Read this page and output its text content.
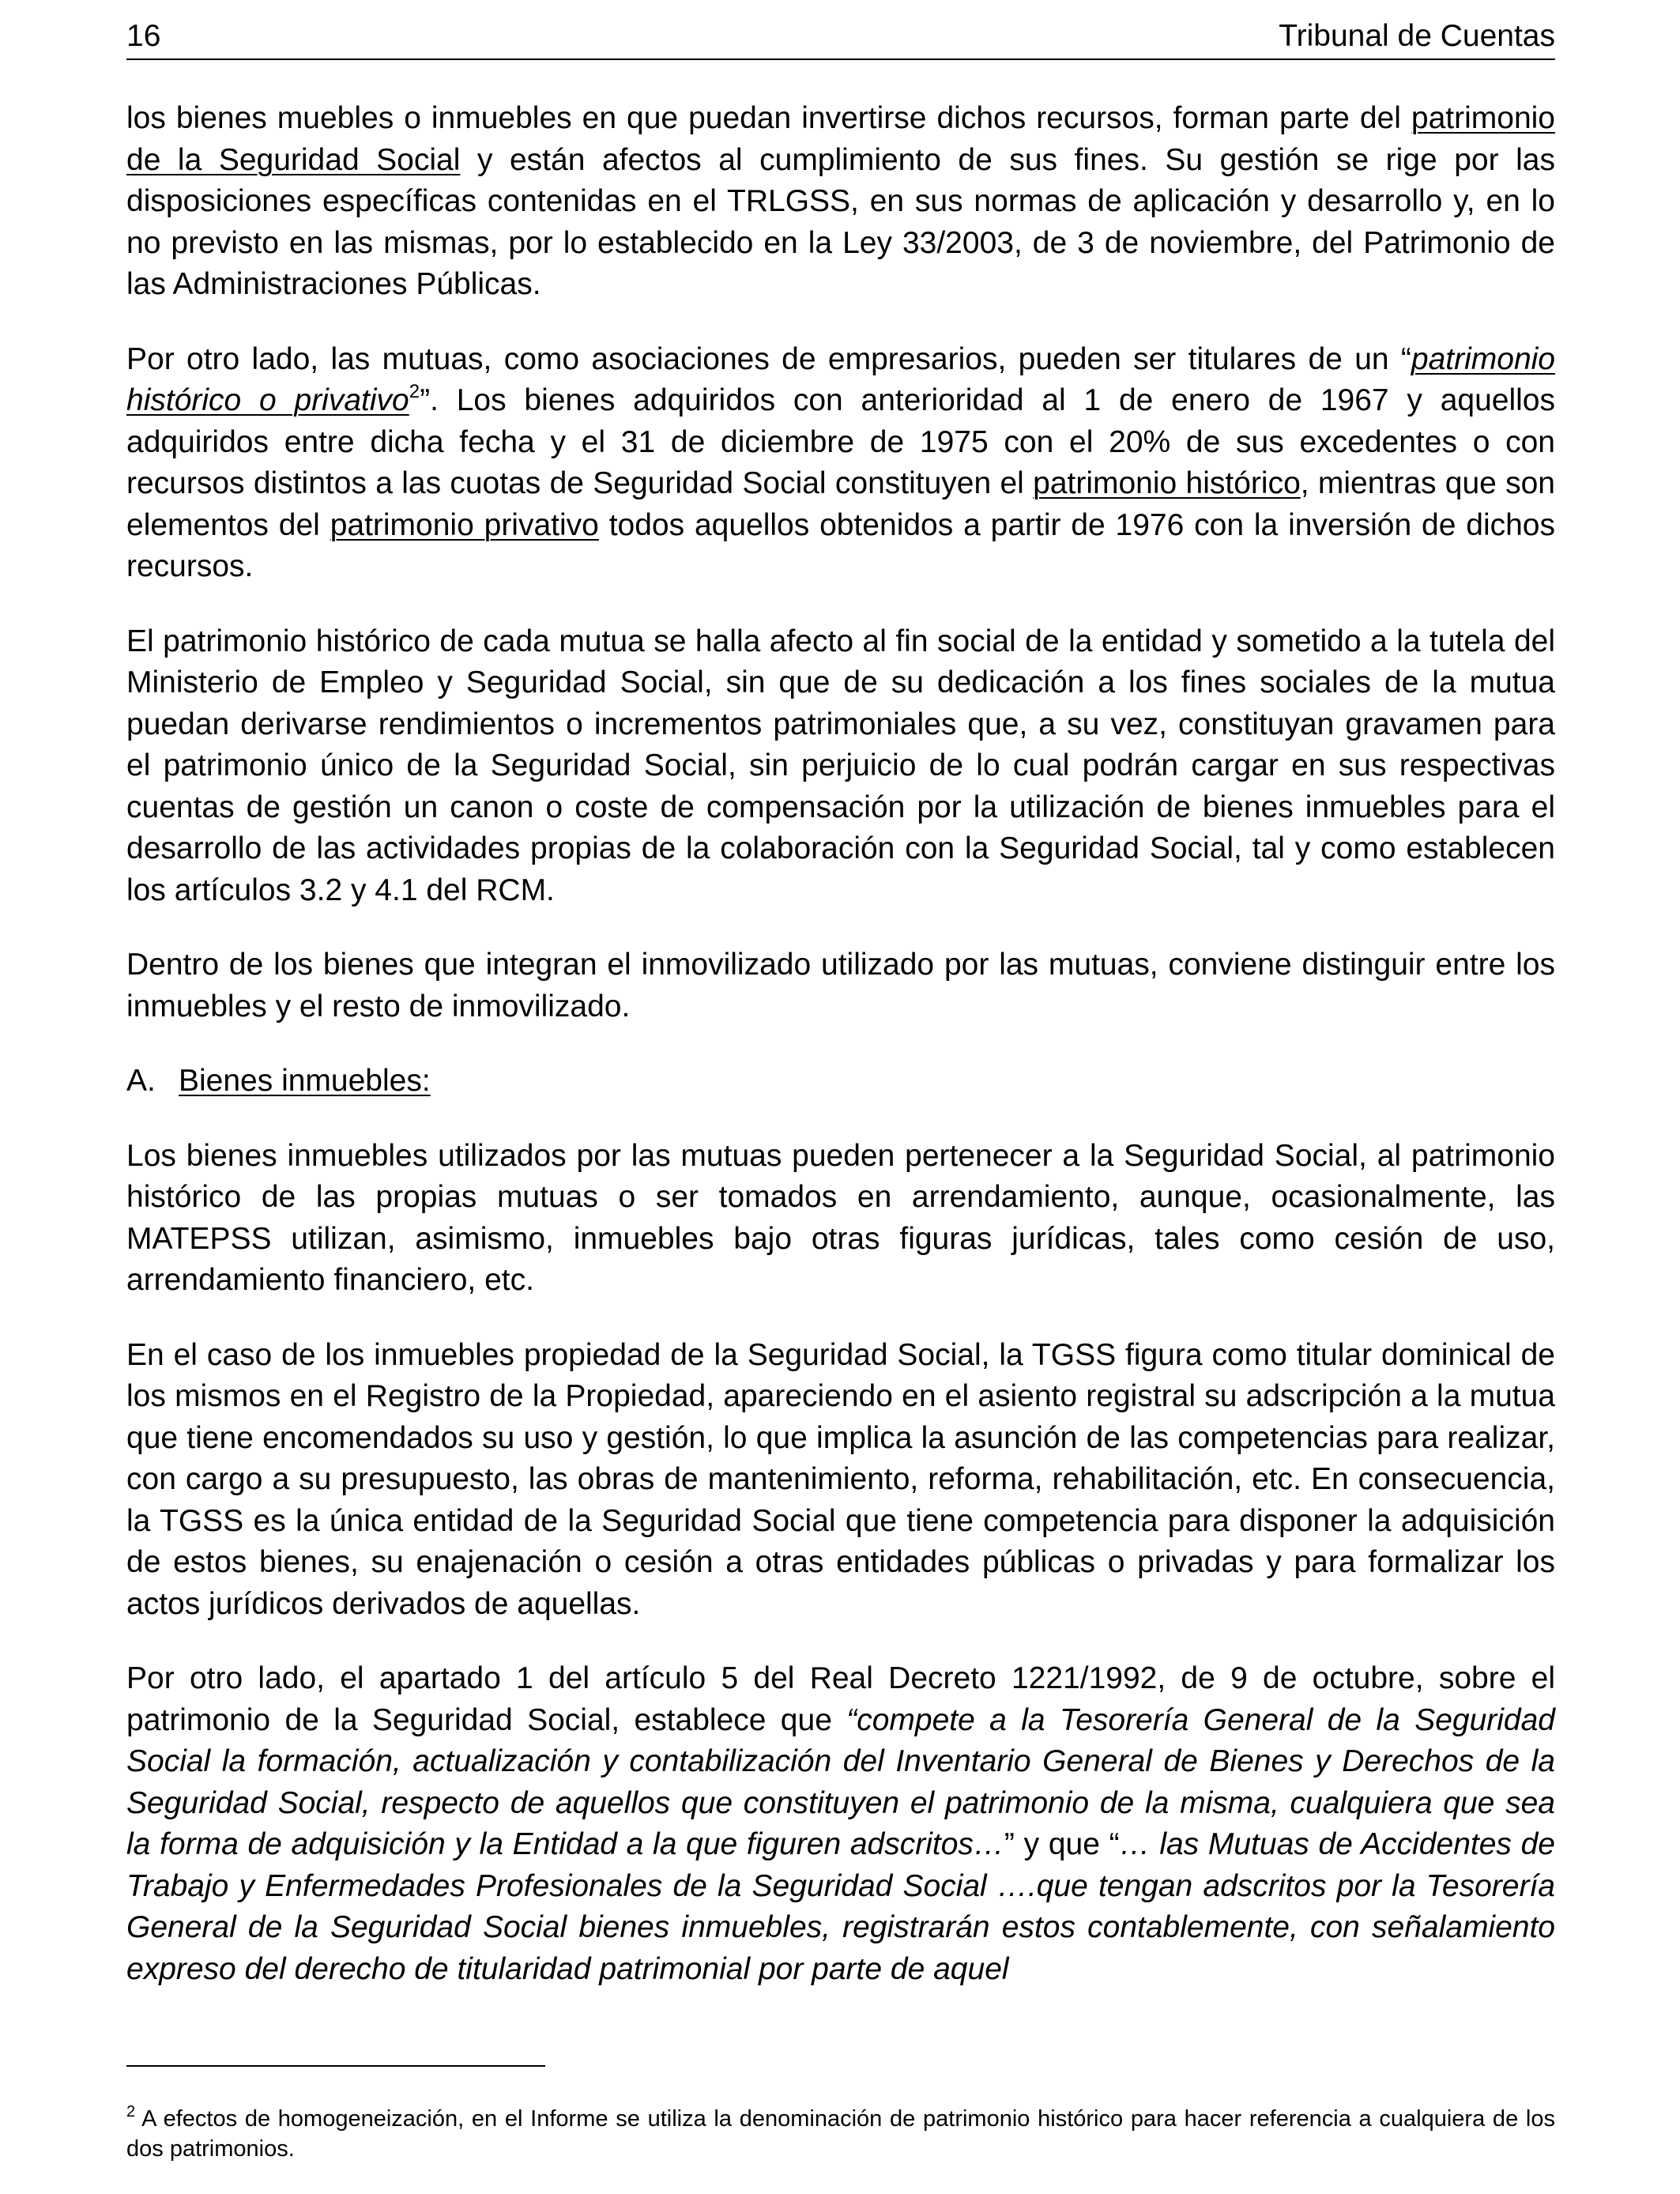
16	Tribunal de Cuentas

los bienes muebles o inmuebles en que puedan invertirse dichos recursos, forman parte del patrimonio de la Seguridad Social y están afectos al cumplimiento de sus fines. Su gestión se rige por las disposiciones específicas contenidas en el TRLGSS, en sus normas de aplicación y desarrollo y, en lo no previsto en las mismas, por lo establecido en la Ley 33/2003, de 3 de noviembre, del Patrimonio de las Administraciones Públicas.

Por otro lado, las mutuas, como asociaciones de empresarios, pueden ser titulares de un “patrimonio histórico o privativo$^2$”. Los bienes adquiridos con anterioridad al 1 de enero de 1967 y aquellos adquiridos entre dicha fecha y el 31 de diciembre de 1975 con el 20% de sus excedentes o con recursos distintos a las cuotas de Seguridad Social constituyen el patrimonio histórico, mientras que son elementos del patrimonio privativo todos aquellos obtenidos a partir de 1976 con la inversión de dichos recursos.

El patrimonio histórico de cada mutua se halla afecto al fin social de la entidad y sometido a la tutela del Ministerio de Empleo y Seguridad Social, sin que de su dedicación a los fines sociales de la mutua puedan derivarse rendimientos o incrementos patrimoniales que, a su vez, constituyan gravamen para el patrimonio único de la Seguridad Social, sin perjuicio de lo cual podrán cargar en sus respectivas cuentas de gestión un canon o coste de compensación por la utilización de bienes inmuebles para el desarrollo de las actividades propias de la colaboración con la Seguridad Social, tal y como establecen los artículos 3.2 y 4.1 del RCM.

Dentro de los bienes que integran el inmovilizado utilizado por las mutuas, conviene distinguir entre los inmuebles y el resto de inmovilizado.

A. Bienes inmuebles:

Los bienes inmuebles utilizados por las mutuas pueden pertenecer a la Seguridad Social, al patrimonio histórico de las propias mutuas o ser tomados en arrendamiento, aunque, ocasionalmente, las MATEPSS utilizan, asimismo, inmuebles bajo otras figuras jurídicas, tales como cesión de uso, arrendamiento financiero, etc.

En el caso de los inmuebles propiedad de la Seguridad Social, la TGSS figura como titular dominical de los mismos en el Registro de la Propiedad, apareciendo en el asiento registral su adscripción a la mutua que tiene encomendados su uso y gestión, lo que implica la asunción de las competencias para realizar, con cargo a su presupuesto, las obras de mantenimiento, reforma, rehabilitación, etc. En consecuencia, la TGSS es la única entidad de la Seguridad Social que tiene competencia para disponer la adquisición de estos bienes, su enajenación o cesión a otras entidades públicas o privadas y para formalizar los actos jurídicos derivados de aquellas.

Por otro lado, el apartado 1 del artículo 5 del Real Decreto 1221/1992, de 9 de octubre, sobre el patrimonio de la Seguridad Social, establece que “compete a la Tesorería General de la Seguridad Social la formación, actualización y contabilización del Inventario General de Bienes y Derechos de la Seguridad Social, respecto de aquellos que constituyen el patrimonio de la misma, cualquiera que sea la forma de adquisición y la Entidad a la que figuren adscritos…” y que “… las Mutuas de Accidentes de Trabajo y Enfermedades Profesionales de la Seguridad Social ….que tengan adscritos por la Tesorería General de la Seguridad Social bienes inmuebles, registrarán estos contablemente, con señalamiento expreso del derecho de titularidad patrimonial por parte de aquel

$^2$ A efectos de homogeneización, en el Informe se utiliza la denominación de patrimonio histórico para hacer referencia a cualquiera de los dos patrimonios.
